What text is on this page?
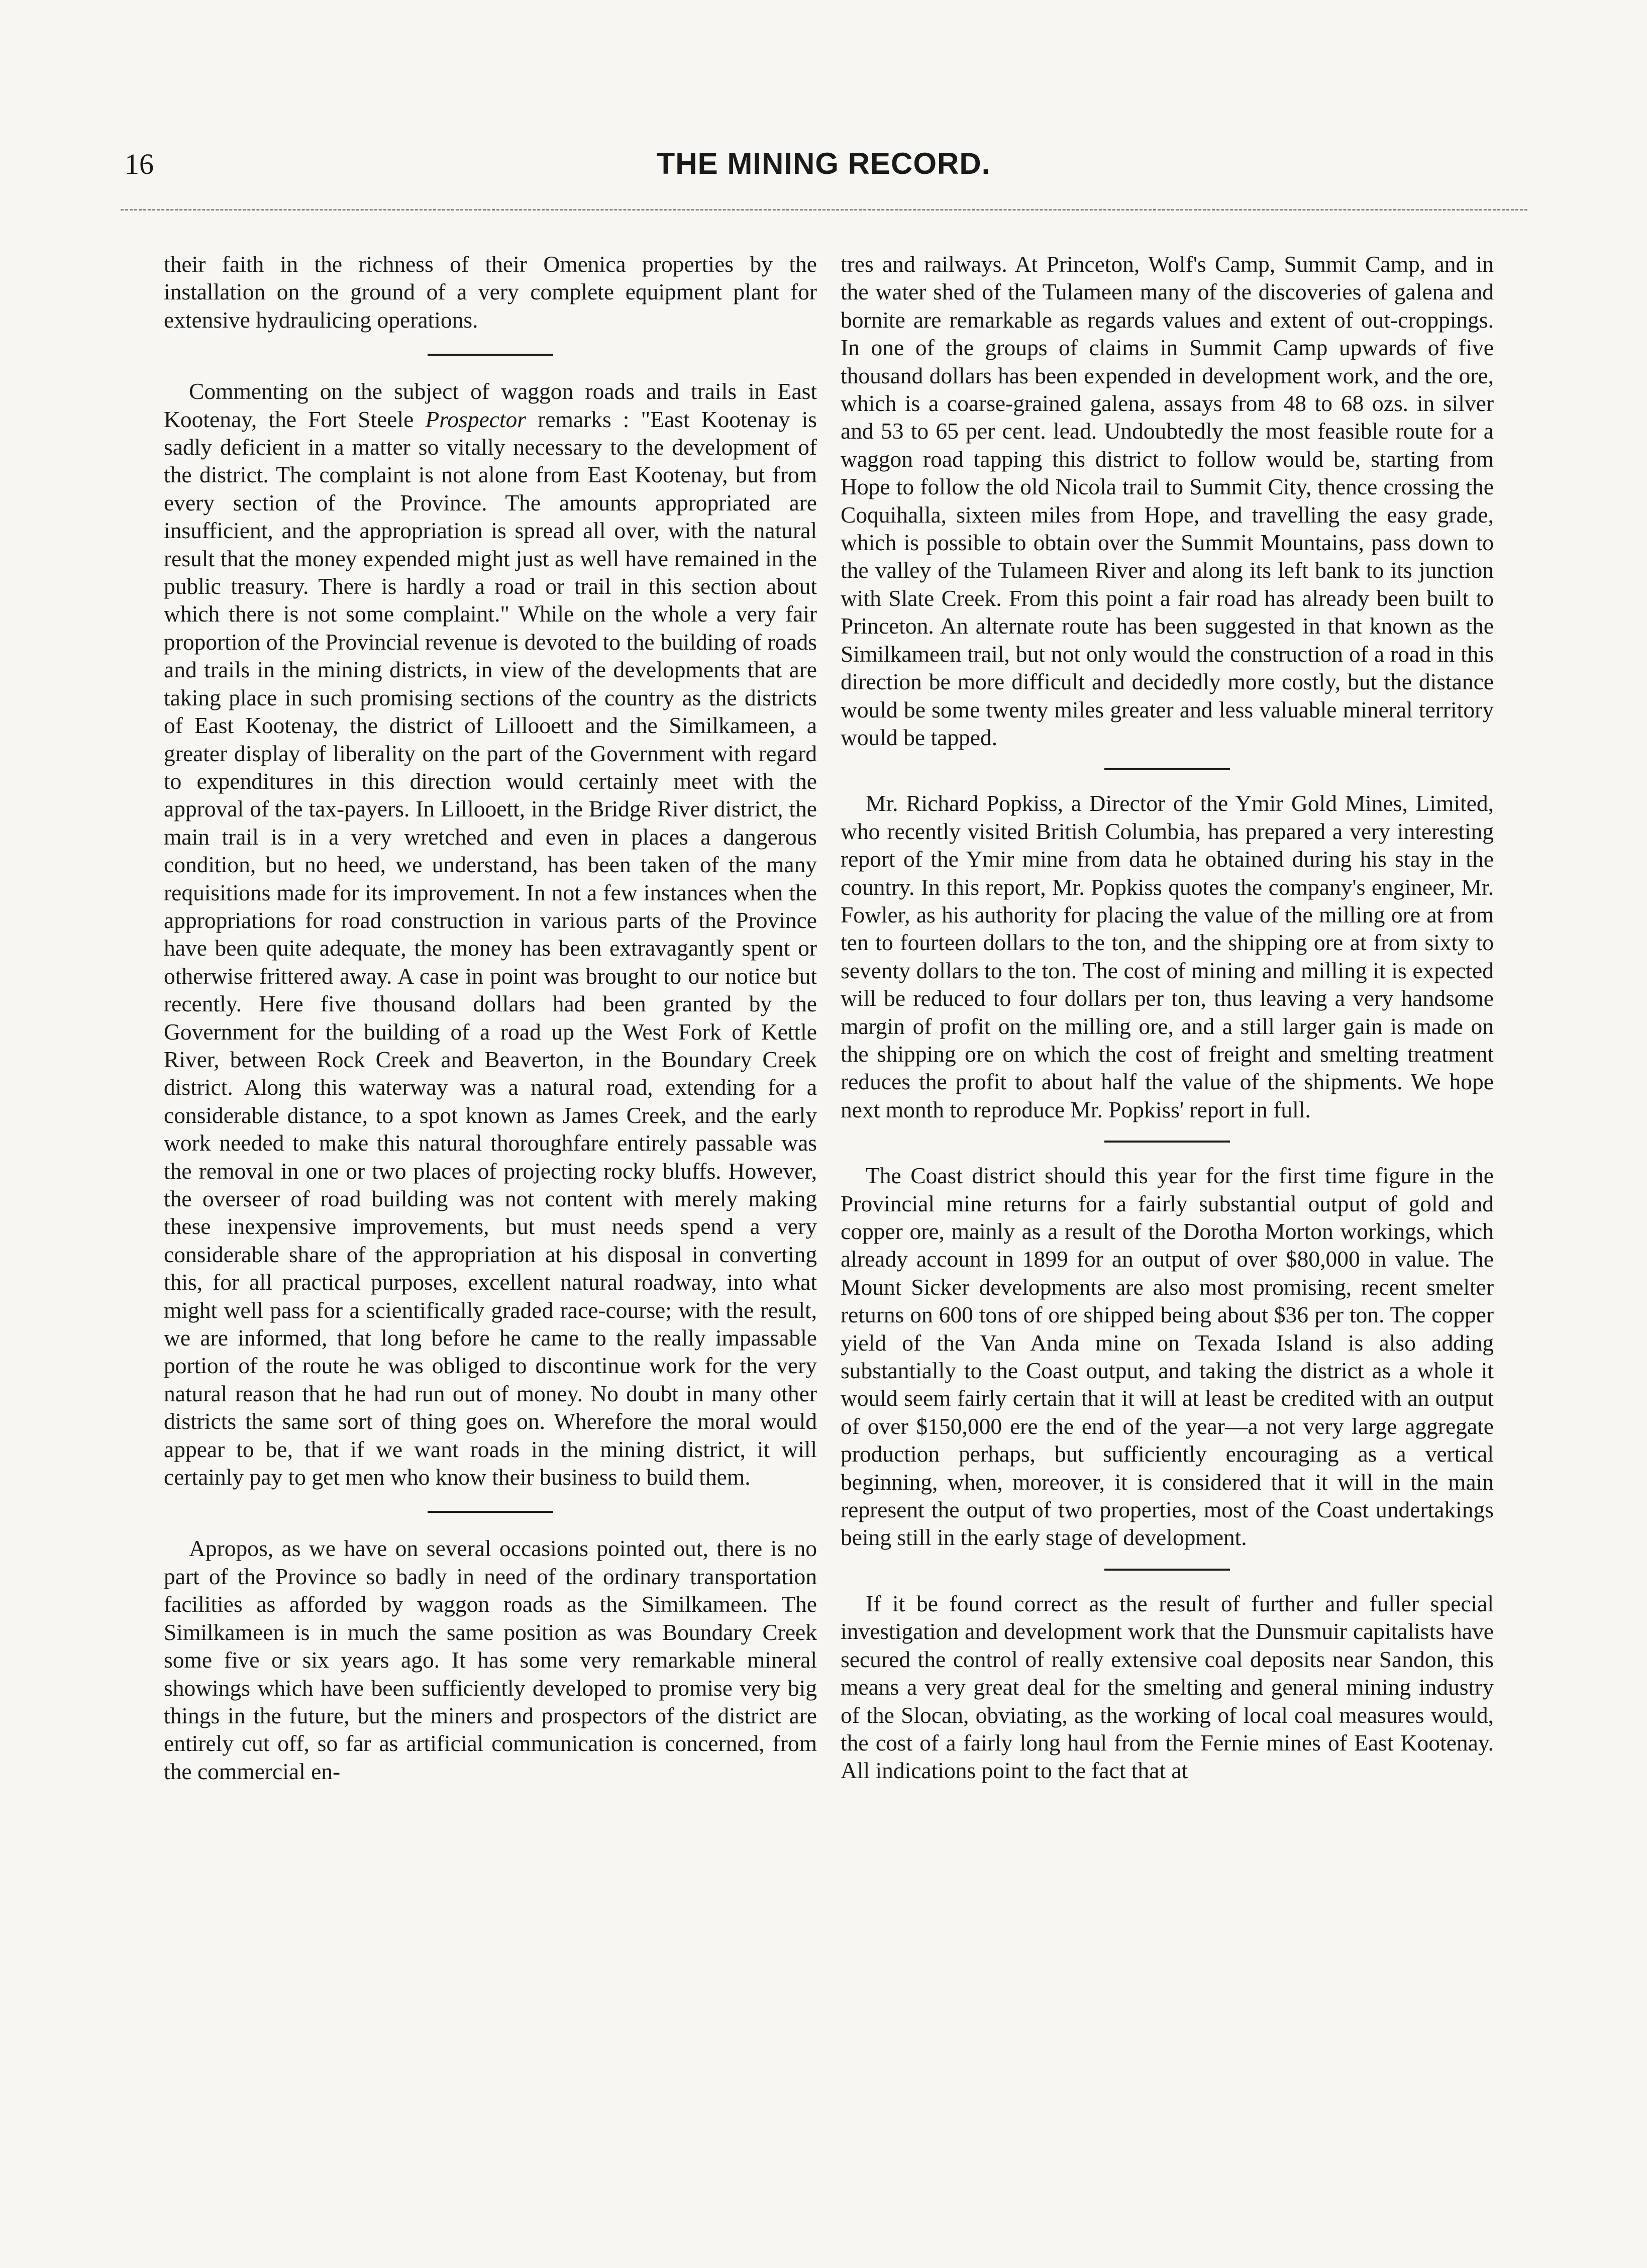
16	THE MINING RECORD.

their faith in the richness of their Omenica properties by the installation on the ground of a very complete equipment plant for extensive hydraulicing operations.

Commenting on the subject of waggon roads and trails in East Kootenay, the Fort Steele Prospector remarks : "East Kootenay is sadly deficient in a matter so vitally necessary to the development of the district. The complaint is not alone from East Kootenay, but from every section of the Province. The amounts appropriated are insufficient, and the appropriation is spread all over, with the natural result that the money expended might just as well have remained in the public treasury. There is hardly a road or trail in this section about which there is not some complaint." While on the whole a very fair proportion of the Provincial revenue is devoted to the building of roads and trails in the mining districts, in view of the developments that are taking place in such promising sections of the country as the districts of East Kootenay, the district of Lillooett and the Similkameen, a greater display of liberality on the part of the Government with regard to expenditures in this direction would certainly meet with the approval of the tax-payers. In Lillooett, in the Bridge River district, the main trail is in a very wretched and even in places a dangerous condition, but no heed, we understand, has been taken of the many requisitions made for its improvement. In not a few instances when the appropriations for road construction in various parts of the Province have been quite adequate, the money has been extravagantly spent or otherwise frittered away. A case in point was brought to our notice but recently. Here five thousand dollars had been granted by the Government for the building of a road up the West Fork of Kettle River, between Rock Creek and Beaverton, in the Boundary Creek district. Along this waterway was a natural road, extending for a considerable distance, to a spot known as James Creek, and the early work needed to make this natural thoroughfare entirely passable was the removal in one or two places of projecting rocky bluffs. However, the overseer of road building was not content with merely making these inexpensive improvements, but must needs spend a very considerable share of the appropriation at his disposal in converting this, for all practical purposes, excellent natural roadway, into what might well pass for a scientifically graded race-course; with the result, we are informed, that long before he came to the really impassable portion of the route he was obliged to discontinue work for the very natural reason that he had run out of money. No doubt in many other districts the same sort of thing goes on. Wherefore the moral would appear to be, that if we want roads in the mining district, it will certainly pay to get men who know their business to build them.

Apropos, as we have on several occasions pointed out, there is no part of the Province so badly in need of the ordinary transportation facilities as afforded by waggon roads as the Similkameen. The Similkameen is in much the same position as was Boundary Creek some five or six years ago. It has some very remarkable mineral showings which have been sufficiently developed to promise very big things in the future, but the miners and prospectors of the district are entirely cut off, so far as artificial communication is concerned, from the commercial en-

tres and railways. At Princeton, Wolf's Camp, Summit Camp, and in the water shed of the Tulameen many of the discoveries of galena and bornite are remarkable as regards values and extent of out-croppings. In one of the groups of claims in Summit Camp upwards of five thousand dollars has been expended in development work, and the ore, which is a coarse-grained galena, assays from 48 to 68 ozs. in silver and 53 to 65 per cent. lead. Undoubtedly the most feasible route for a waggon road tapping this district to follow would be, starting from Hope to follow the old Nicola trail to Summit City, thence crossing the Coquihalla, sixteen miles from Hope, and travelling the easy grade, which is possible to obtain over the Summit Mountains, pass down to the valley of the Tulameen River and along its left bank to its junction with Slate Creek. From this point a fair road has already been built to Princeton. An alternate route has been suggested in that known as the Similkameen trail, but not only would the construction of a road in this direction be more difficult and decidedly more costly, but the distance would be some twenty miles greater and less valuable mineral territory would be tapped.

Mr. Richard Popkiss, a Director of the Ymir Gold Mines, Limited, who recently visited British Columbia, has prepared a very interesting report of the Ymir mine from data he obtained during his stay in the country. In this report, Mr. Popkiss quotes the company's engineer, Mr. Fowler, as his authority for placing the value of the milling ore at from ten to fourteen dollars to the ton, and the shipping ore at from sixty to seventy dollars to the ton. The cost of mining and milling it is expected will be reduced to four dollars per ton, thus leaving a very handsome margin of profit on the milling ore, and a still larger gain is made on the shipping ore on which the cost of freight and smelting treatment reduces the profit to about half the value of the shipments. We hope next month to reproduce Mr. Popkiss' report in full.

The Coast district should this year for the first time figure in the Provincial mine returns for a fairly substantial output of gold and copper ore, mainly as a result of the Dorotha Morton workings, which already account in 1899 for an output of over $80,000 in value. The Mount Sicker developments are also most promising, recent smelter returns on 600 tons of ore shipped being about $36 per ton. The copper yield of the Van Anda mine on Texada Island is also adding substantially to the Coast output, and taking the district as a whole it would seem fairly certain that it will at least be credited with an output of over $150,000 ere the end of the year—a not very large aggregate production perhaps, but sufficiently encouraging as a vertical beginning, when, moreover, it is considered that it will in the main represent the output of two properties, most of the Coast undertakings being still in the early stage of development.

If it be found correct as the result of further and fuller special investigation and development work that the Dunsmuir capitalists have secured the control of really extensive coal deposits near Sandon, this means a very great deal for the smelting and general mining industry of the Slocan, obviating, as the working of local coal measures would, the cost of a fairly long haul from the Fernie mines of East Kootenay. All indications point to the fact that at
